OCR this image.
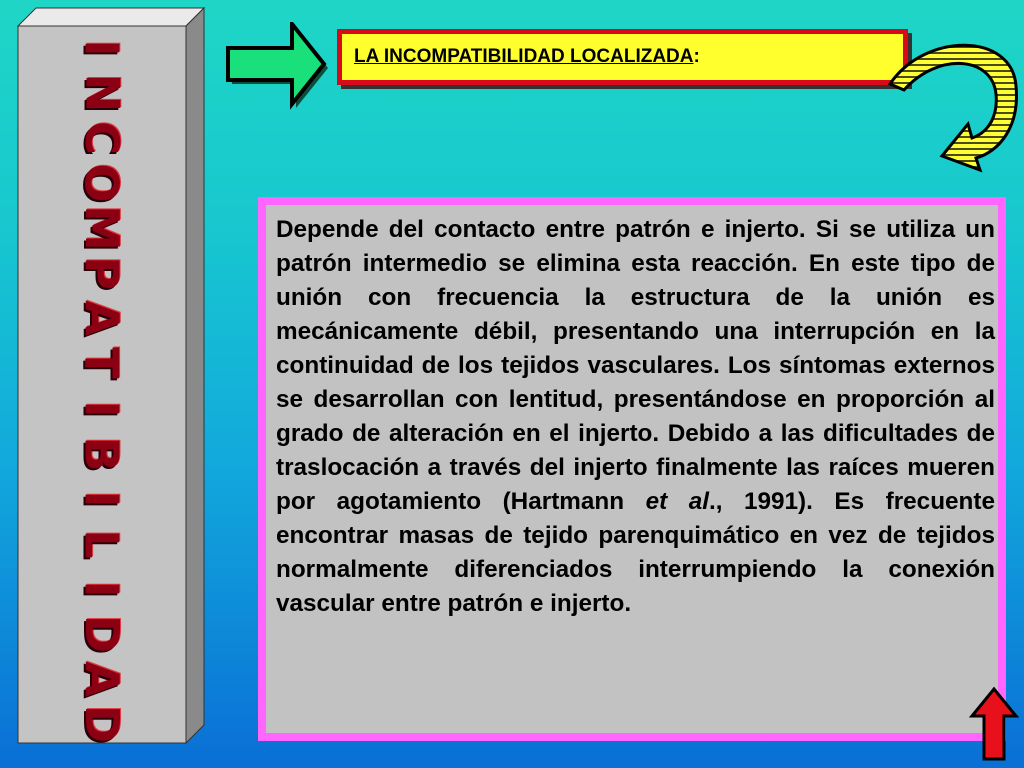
I
N
C
O
M
P
A
T
I
B
I
L
I
D
A
D
LA INCOMPATIBILIDAD LOCALIZADA:

Depende del contacto entre patrón e injerto. Si se utiliza un patrón intermedio se elimina esta reacción. En este tipo de unión con frecuencia la estructura de la unión es mecánicamente débil, presentando una interrupción en la continuidad de los tejidos vasculares. Los síntomas externos se desarrollan con lentitud, presentándose en proporción al grado de alteración en el injerto. Debido a las dificultades de traslocación a través del injerto finalmente las raíces mueren por agotamiento (Hartmann et al., 1991). Es frecuente encontrar masas de tejido parenquimático en vez de tejidos normalmente diferenciados interrumpiendo la conexión vascular entre patrón e injerto.
